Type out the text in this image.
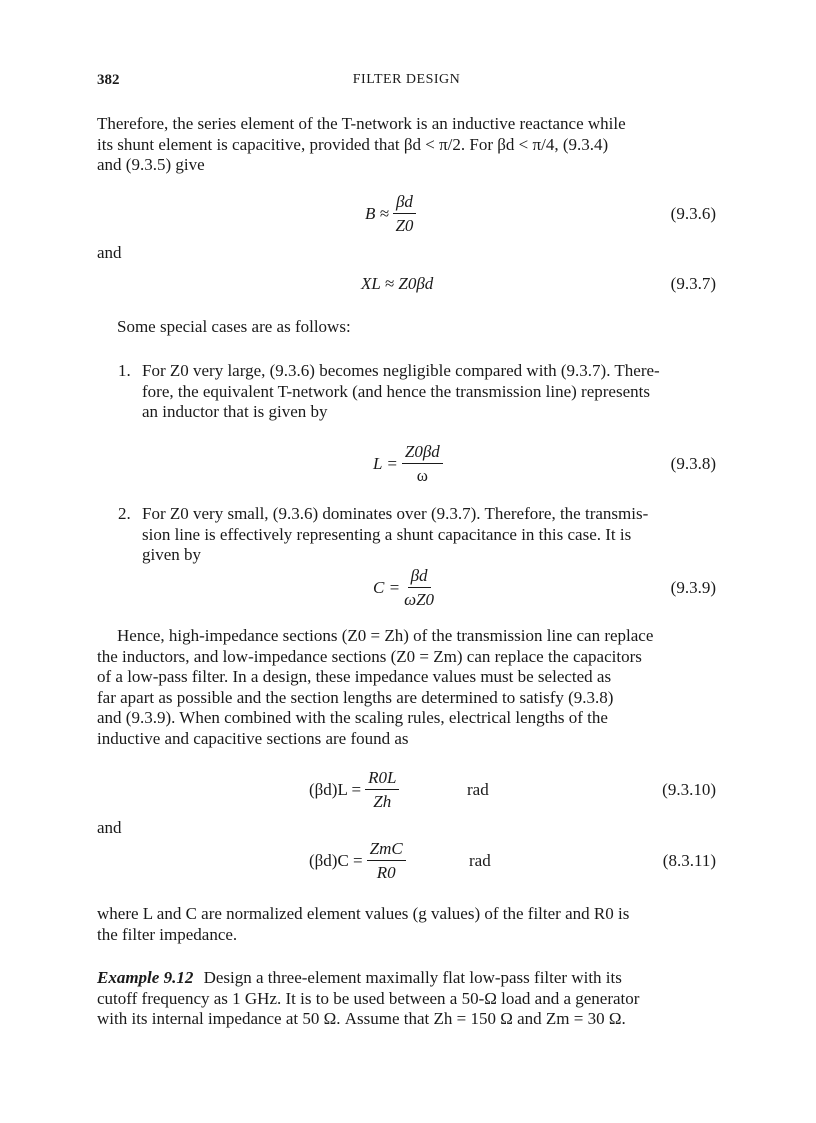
382	FILTER DESIGN
Therefore, the series element of the T-network is an inductive reactance while
its shunt element is capacitive, provided that βd < π/2. For βd < π/4, (9.3.4)
and (9.3.5) give
$B \approx \frac{\beta d}{Z0}$	(9.3.6)
and
XL ≈ Z0βd	(9.3.7)
Some special cases are as follows:
1. For Z0 very large, (9.3.6) becomes negligible compared with (9.3.7). There-
fore, the equivalent T-network (and hence the transmission line) represents
an inductor that is given by
$L = \frac{Z0\beta d}{\omega}$	(9.3.8)
2. For Z0 very small, (9.3.6) dominates over (9.3.7). Therefore, the transmis-
sion line is effectively representing a shunt capacitance in this case. It is
given by
$C = \frac{\beta d}{\omega Z0}$	(9.3.9)
Hence, high-impedance sections (Z0 = Zh) of the transmission line can replace
the inductors, and low-impedance sections (Z0 = Zm) can replace the capacitors
of a low-pass filter. In a design, these impedance values must be selected as
far apart as possible and the section lengths are determined to satisfy (9.3.8)
and (9.3.9). When combined with the scaling rules, electrical lengths of the
inductive and capacitive sections are found as
$(\beta d)L = \frac{R0L}{Zh}$	rad	(9.3.10)
and
$(\beta d)C = \frac{\text{ZmC}}{R0}$	rad	(8.3.11)
where L and C are normalized element values (g values) of the filter and R0 is
the filter impedance.
Example 9.12 Design a three-element maximally flat low-pass filter with its
cutoff frequency as 1 GHz. It is to be used between a 50-Ω load and a generator
with its internal impedance at 50 Ω. Assume that Zh = 150 Ω and Zm = 30 Ω.
